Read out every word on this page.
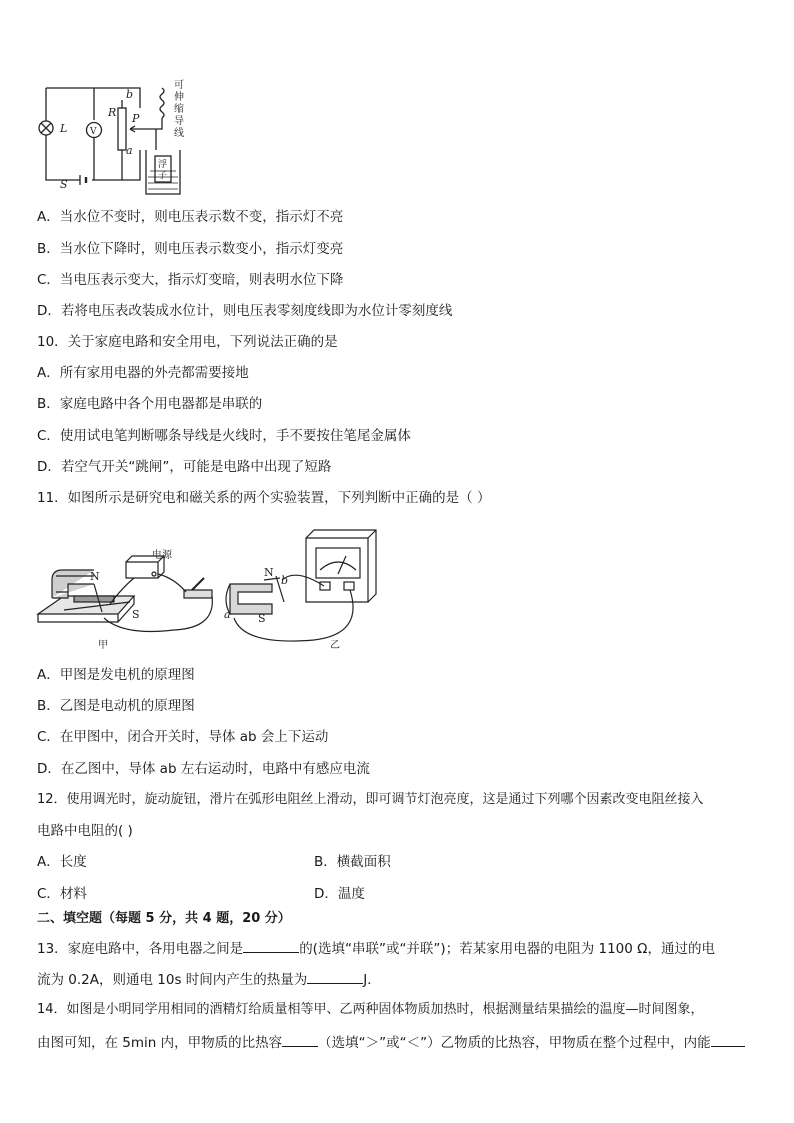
L	V
R
b
P
a
S
可
伸
缩
导
线
浮
子
A．当水位不变时，则电压表示数不变，指示灯不亮
B．当水位下降时，则电压表示数变小，指示灯变亮
C．当电压表示变大，指示灯变暗，则表明水位下降
D．若将电压表改装成水位计，则电压表零刻度线即为水位计零刻度线
10．关于家庭电路和安全用电，下列说法正确的是
A．所有家用电器的外壳都需要接地
B．家庭电路中各个用电器都是串联的
C．使用试电笔判断哪条导线是火线时，手不要按住笔尾金属体
D．若空气开关“跳闸”，可能是电路中出现了短路
11．如图所示是研究电和磁关系的两个实验装置，下列判断中正确的是（ ）
电源
N
S
N
S
a
b
甲	乙
A．甲图是发电机的原理图
B．乙图是电动机的原理图
C．在甲图中，闭合开关时，导体 ab 会上下运动
D．在乙图中，导体 ab 左右运动时，电路中有感应电流
12．使用调光时，旋动旋钮，滑片在弧形电阻丝上滑动，即可调节灯泡亮度，这是通过下列哪个因素改变电阻丝接入
电路中电阻的( )
A．长度	B．横截面积
C．材料	D．温度
二、填空题（每题 5 分，共 4 题，20 分）
13．家庭电路中，各用电器之间是	的(选填“串联”或“并联”)；若某家用电器的电阻为 1100 Ω，通过的电
流为 0.2A，则通电 10s 时间内产生的热量为	J．
14．如图是小明同学用相同的酒精灯给质量相等甲、乙两种固体物质加热时，根据测量结果描绘的温度—时间图象，
由图可知，在 5min 内，甲物质的比热容	（选填“＞”或“＜”）乙物质的比热容，甲物质在整个过程中，内能
